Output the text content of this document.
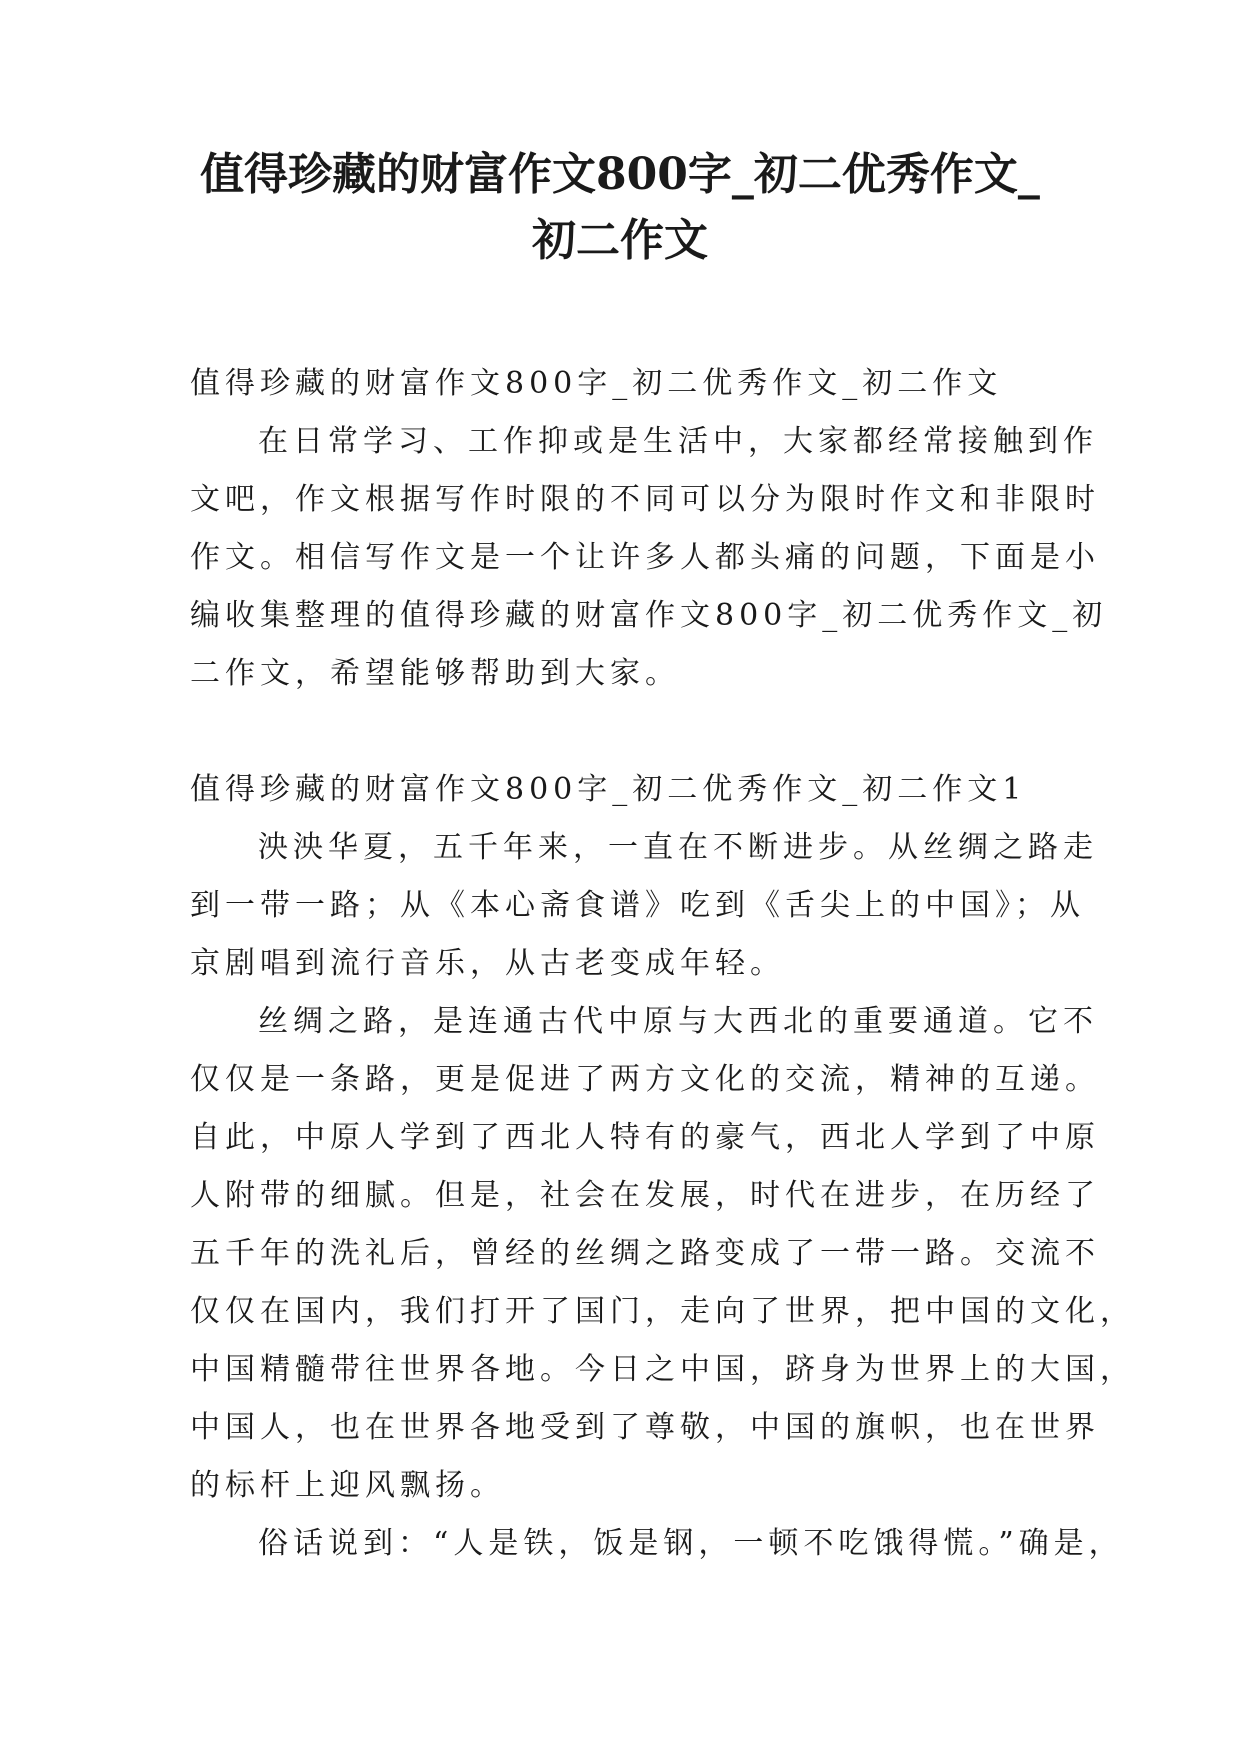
值得珍藏的财富作文800字_初二优秀作文_
初二作文
值得珍藏的财富作文800字_初二优秀作文_初二作文
在日常学习、工作抑或是生活中，大家都经常接触到作
文吧，作文根据写作时限的不同可以分为限时作文和非限时
作文。相信写作文是一个让许多人都头痛的问题，下面是小
编收集整理的值得珍藏的财富作文800字_初二优秀作文_初
二作文，希望能够帮助到大家。
值得珍藏的财富作文800字_初二优秀作文_初二作文1
泱泱华夏，五千年来，一直在不断进步。从丝绸之路走
到一带一路；从《本心斋食谱》吃到《舌尖上的中国》；从
京剧唱到流行音乐，从古老变成年轻。
丝绸之路，是连通古代中原与大西北的重要通道。它不
仅仅是一条路，更是促进了两方文化的交流，精神的互递。
自此，中原人学到了西北人特有的豪气，西北人学到了中原
人附带的细腻。但是，社会在发展，时代在进步，在历经了
五千年的洗礼后，曾经的丝绸之路变成了一带一路。交流不
仅仅在国内，我们打开了国门，走向了世界，把中国的文化，
中国精髓带往世界各地。今日之中国，跻身为世界上的大国，
中国人，也在世界各地受到了尊敬，中国的旗帜，也在世界
的标杆上迎风飘扬。
俗话说到：“人是铁，饭是钢，一顿不吃饿得慌。”确是，
